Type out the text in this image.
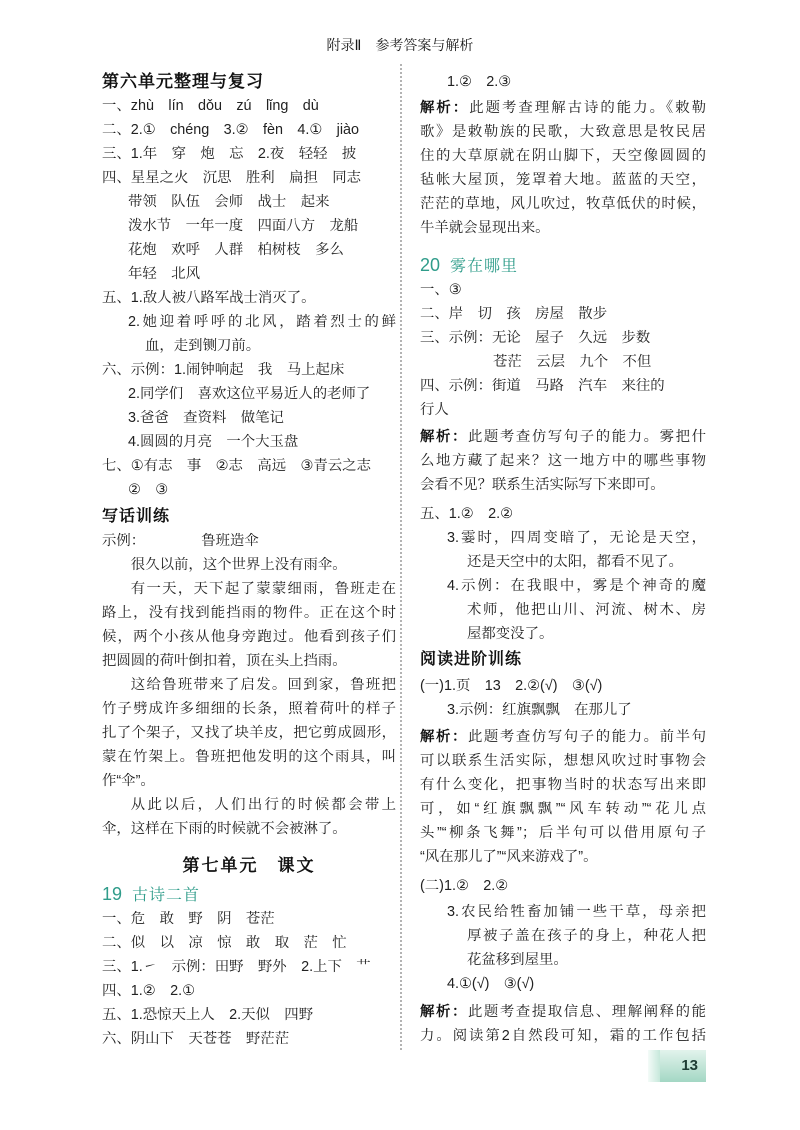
附录Ⅱ 参考答案与解析
第六单元整理与复习
一、zhù　lín　dǒu　zú　lǐng　dù
二、2.①　chéng　3.②　fèn　4.①　jiào
三、1.年　穿　炮　忘　2.夜　轻轻　披
四、星星之火　沉思　胜利　扁担　同志
带领　队伍　会师　战士　起来
泼水节　一年一度　四面八方　龙船
花炮　欢呼　人群　柏树枝　多么
年轻　北风
五、1.敌人被八路军战士消灭了。
2.她迎着呼呼的北风，踏着烈士的鲜
血，走到铡刀前。
六、示例：1.闹钟响起　我　马上起床
2.同学们　喜欢这位平易近人的老师了
3.爸爸　查资料　做笔记
4.圆圆的月亮　一个大玉盘
七、①有志　事　②志　高远　③青云之志
②　③
写话训练
示例：	鲁班造伞
很久以前，这个世界上没有雨伞。
有一天，天下起了蒙蒙细雨，鲁班走在
路上，没有找到能挡雨的物件。正在这个时
候，两个小孩从他身旁跑过。他看到孩子们
把圆圆的荷叶倒扣着，顶在头上挡雨。
这给鲁班带来了启发。回到家，鲁班把
竹子劈成许多细细的长条，照着荷叶的样子
扎了个架子，又找了块羊皮，把它剪成圆形，
蒙在竹架上。鲁班把他发明的这个雨具，叫
作“伞”。
从此以后，人们出行的时候都会带上
伞，这样在下雨的时候就不会被淋了。
第七单元　课文
19 古诗二首
一、危　敢　野　阴　苍茫
二、似　以　凉　惊　敢　取　茫　忙
三、1.㇀　示例：田野　野外　2.上下　艹
四、1.②　2.①
五、1.恐惊天上人　2.天似　四野
六、阴山下　天苍苍　野茫茫
1.②　2.③
解析：此题考查理解古诗的能力。《敕勒
歌》是敕勒族的民歌，大致意思是牧民居
住的大草原就在阴山脚下，天空像圆圆的
毡帐大屋顶，笼罩着大地。蓝蓝的天空，
茫茫的草地，风儿吹过，牧草低伏的时候，
牛羊就会显现出来。
20 雾在哪里
一、③
二、岸　切　孩　房屋　散步
三、示例：无论　屋子　久远　步数
苍茫　云层　九个　不但
四、示例：街道　马路　汽车　来往的
行人
解析：此题考查仿写句子的能力。雾把什
么地方藏了起来？这一地方中的哪些事物
会看不见？联系生活实际写下来即可。
五、1.②　2.②
3.霎时，四周变暗了，无论是天空，
还是天空中的太阳，都看不见了。
4.示例：在我眼中，雾是个神奇的魔
术师，他把山川、河流、树木、房
屋都变没了。
阅读进阶训练
(一)1.页　13　2.②(√)　③(√)
3.示例：红旗飘飘　在那儿了
解析：此题考查仿写句子的能力。前半句
可以联系生活实际，想想风吹过时事物会
有什么变化，把事物当时的状态写出来即
可，如“红旗飘飘”“风车转动”“花儿点
头”“柳条飞舞”；后半句可以借用原句子
“风在那儿了”“风来游戏了”。
(二)1.②　2.②
3.农民给牲畜加铺一些干草，母亲把
厚被子盖在孩子的身上，种花人把
花盆移到屋里。
4.①(√)　③(√)
解析：此题考查提取信息、理解阐释的能
力。阅读第2自然段可知，霜的工作包括
13
